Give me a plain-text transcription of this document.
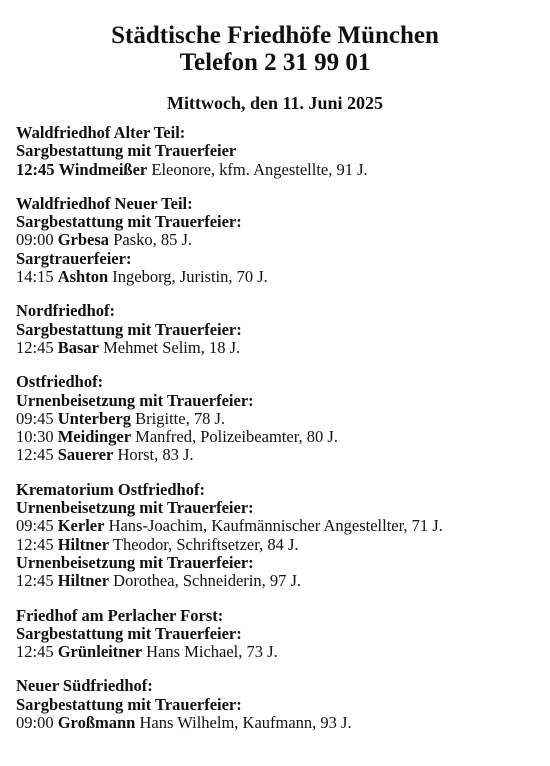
Städtische Friedhöfe München
Telefon 2 31 99 01
Mittwoch, den 11. Juni 2025
Waldfriedhof Alter Teil:
Sargbestattung mit Trauerfeier
12:45 Windmeißer Eleonore, kfm. Angestellte, 91 J.
Waldfriedhof Neuer Teil:
Sargbestattung mit Trauerfeier:
09:00 Grbesa Pasko, 85 J.
Sargtrauerfeier:
14:15 Ashton Ingeborg, Juristin, 70 J.
Nordfriedhof:
Sargbestattung mit Trauerfeier:
12:45 Basar Mehmet Selim, 18 J.
Ostfriedhof:
Urnenbeisetzung mit Trauerfeier:
09:45 Unterberg Brigitte, 78 J.
10:30 Meidinger Manfred, Polizeibeamter, 80 J.
12:45 Sauerer Horst, 83 J.
Krematorium Ostfriedhof:
Urnenbeisetzung mit Trauerfeier:
09:45 Kerler Hans-Joachim, Kaufmännischer Angestellter, 71 J.
12:45 Hiltner Theodor, Schriftsetzer, 84 J.
Urnenbeisetzung mit Trauerfeier:
12:45 Hiltner Dorothea, Schneiderin, 97 J.
Friedhof am Perlacher Forst:
Sargbestattung mit Trauerfeier:
12:45 Grünleitner Hans Michael, 73 J.
Neuer Südfriedhof:
Sargbestattung mit Trauerfeier:
09:00 Großmann Hans Wilhelm, Kaufmann, 93 J.
